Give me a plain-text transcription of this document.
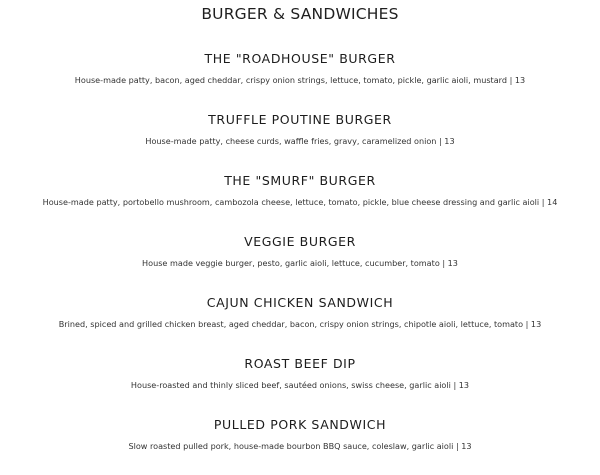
BURGER & SANDWICHES
THE "ROADHOUSE" BURGER

House-made patty, bacon, aged cheddar, crispy onion strings, lettuce, tomato, pickle, garlic aioli, mustard | 13

TRUFFLE POUTINE BURGER

House-made patty, cheese curds, waffle fries, gravy, caramelized onion | 13

THE "SMURF" BURGER

House-made patty, portobello mushroom, cambozola cheese, lettuce, tomato, pickle, blue cheese dressing and garlic aioli | 14

VEGGIE BURGER

House made veggie burger, pesto, garlic aioli, lettuce, cucumber, tomato | 13

CAJUN CHICKEN SANDWICH

Brined, spiced and grilled chicken breast, aged cheddar, bacon, crispy onion strings, chipotle aioli, lettuce, tomato | 13

ROAST BEEF DIP

House-roasted and thinly sliced beef, sautéed onions, swiss cheese, garlic aioli | 13

PULLED PORK SANDWICH

Slow roasted pulled pork, house-made bourbon BBQ sauce, coleslaw, garlic aioli | 13
